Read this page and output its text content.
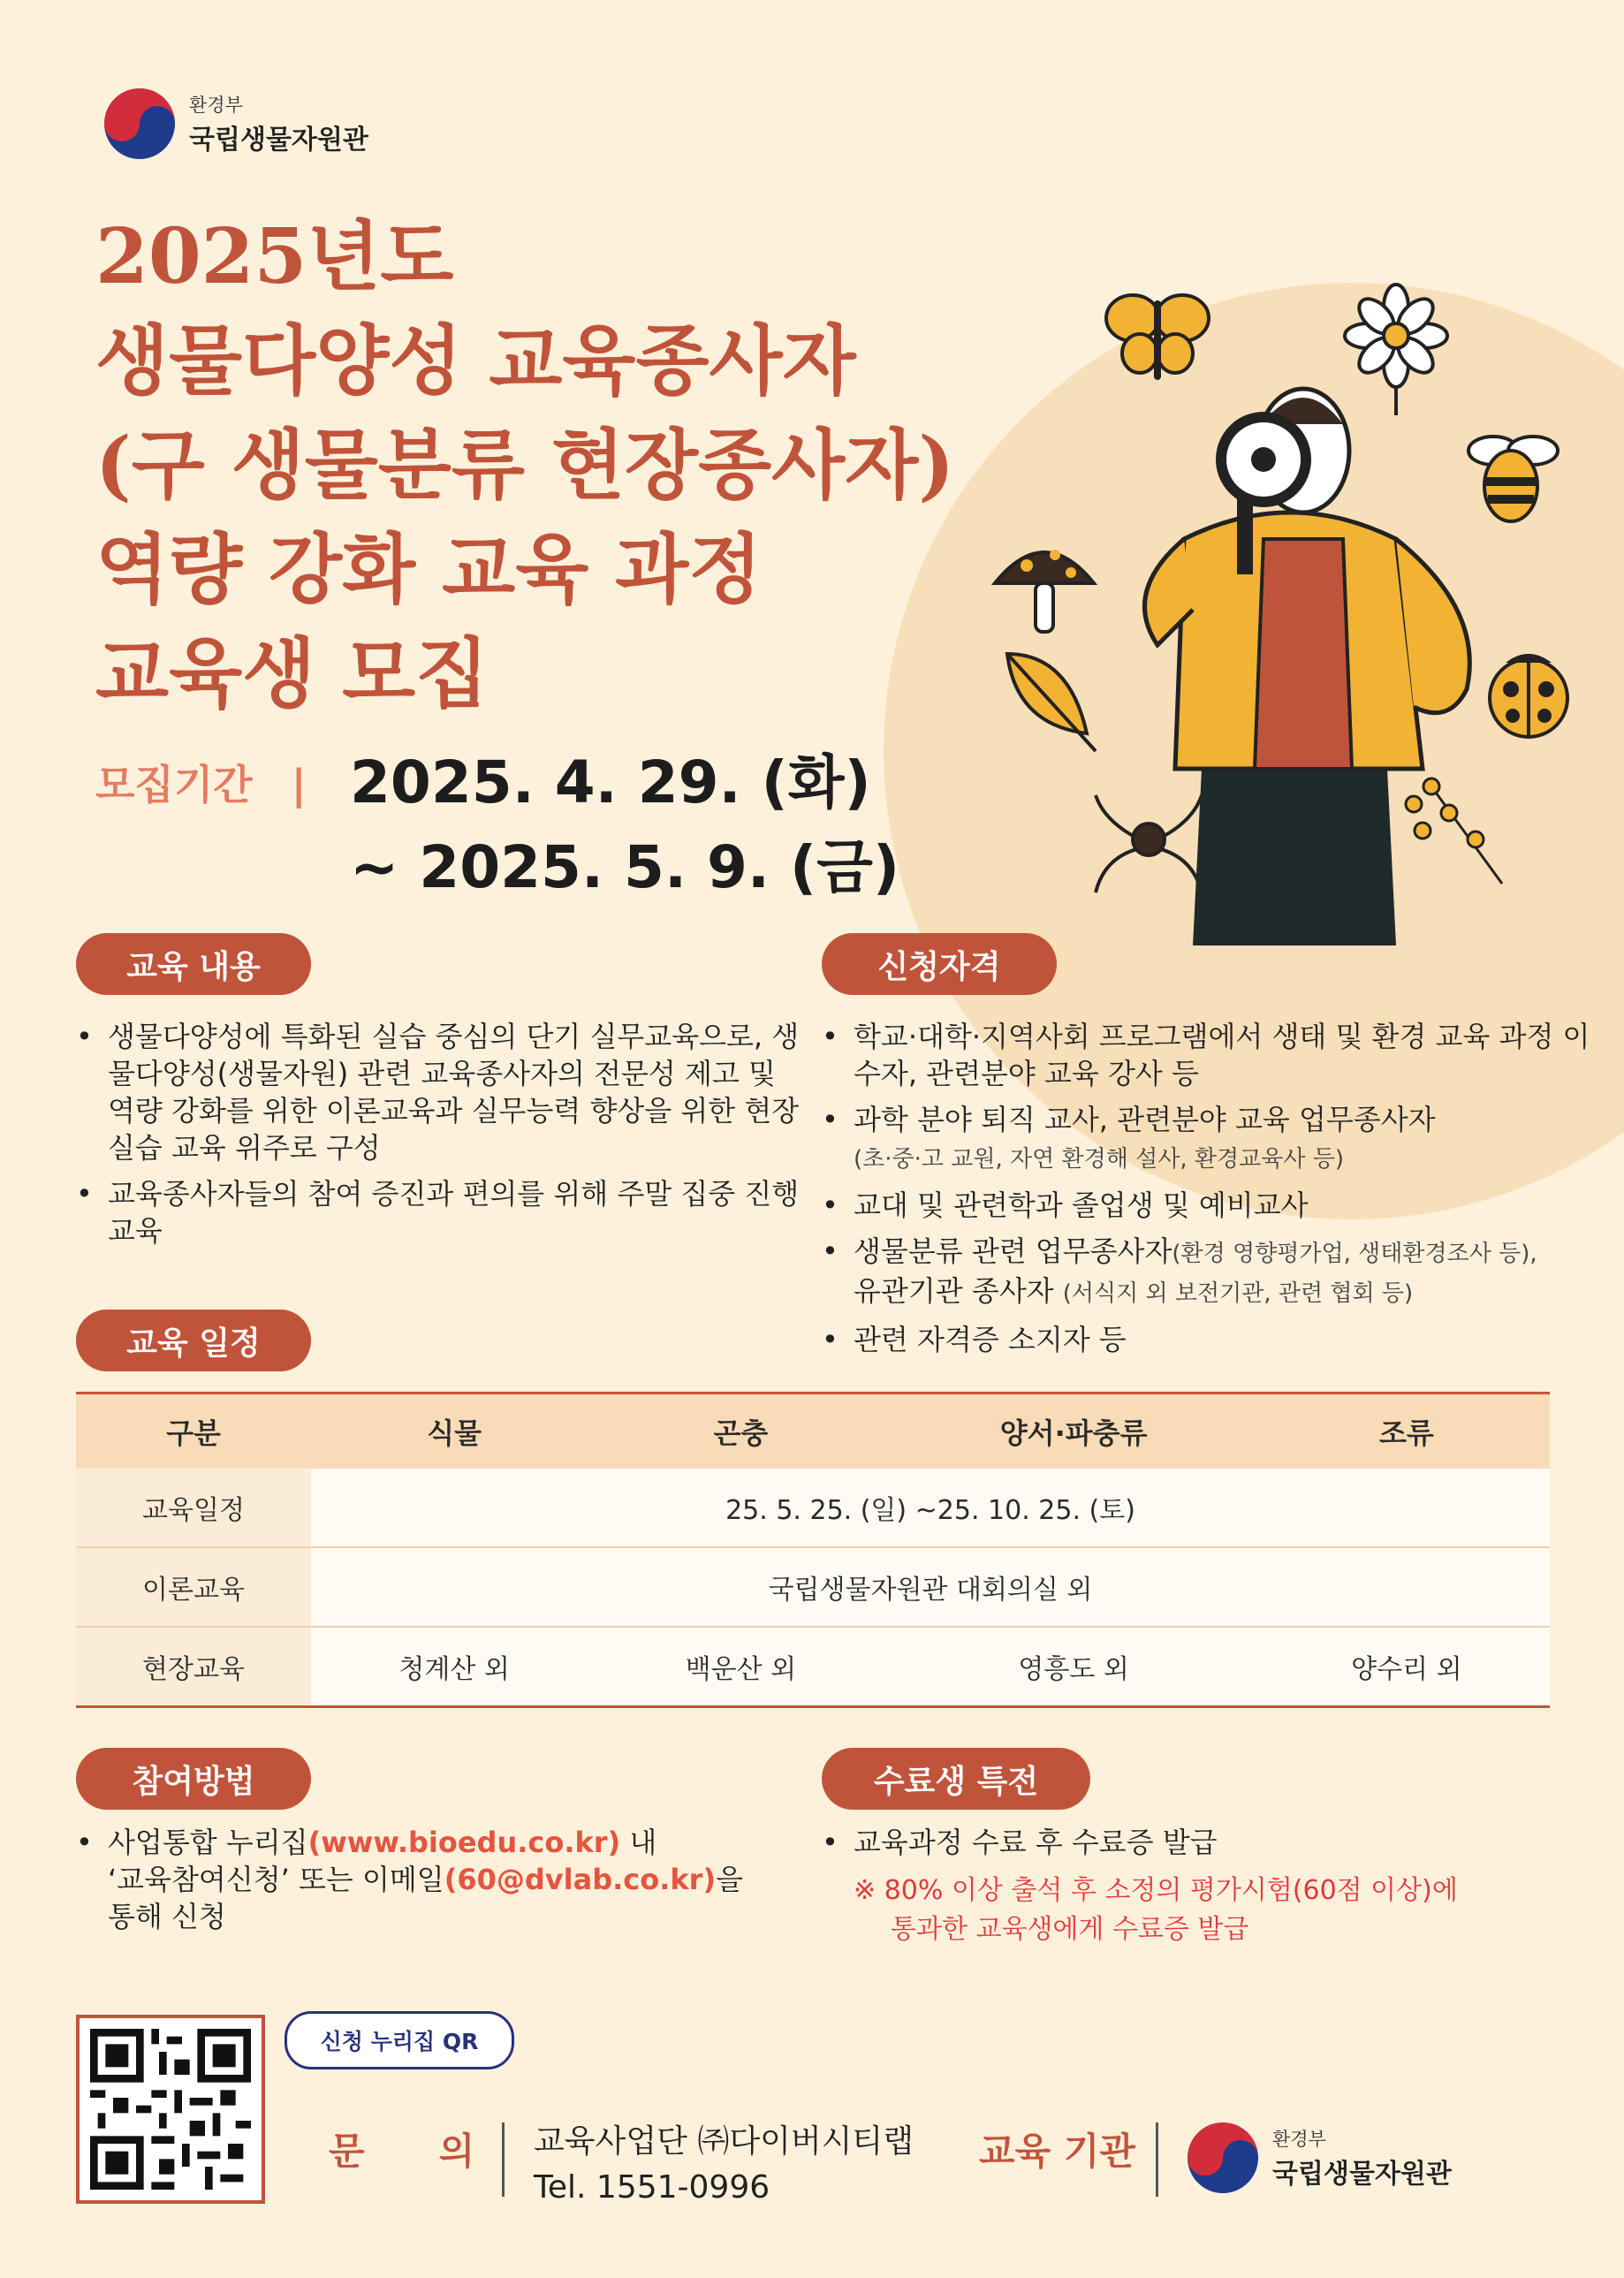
환경부
국립생물자원관
2025년도
생물다양성 교육종사자
(구 생물분류 현장종사자)
역량 강화 교육 과정
교육생 모집
모집기간 | 2025. 4. 29. (화)
~ 2025. 5. 9. (금)
교육 내용
• 생물다양성에 특화된 실습 중심의 단기 실무교육으로, 생물다양성(생물자원) 관련 교육종사자의 전문성 제고 및 역량 강화를 위한 이론교육과 실무능력 향상을 위한 현장실습 교육 위주로 구성
• 교육종사자들의 참여 증진과 편의를 위해 주말 집중 진행 교육
신청자격
• 학교·대학·지역사회 프로그램에서 생태 및 환경 교육 과정 이수자, 관련분야 교육 강사 등
• 과학 분야 퇴직 교사, 관련분야 교육 업무종사자
(초·중·고 교원, 자연 환경해 설사, 환경교육사 등)
• 교대 및 관련학과 졸업생 및 예비교사
• 생물분류 관련 업무종사자(환경 영향평가업, 생태환경조사 등),
유관기관 종사자 (서식지 외 보전기관, 관련 협회 등)
• 관련 자격증 소지자 등
교육 일정
구분	식물	곤충	양서·파충류	조류
교육일정	25. 5. 25. (일) ~25. 10. 25. (토)			
이론교육	국립생물자원관 대회의실 외			
현장교육	청계산 외	백운산 외	영흥도 외	양수리 외
참여방법
• 사업통합 누리집(www.bioedu.co.kr) 내
‘교육참여신청’ 또는 이메일(60@dvlab.co.kr)을
통해 신청
수료생 특전
• 교육과정 수료 후 수료증 발급
※ 80% 이상 출석 후 소정의 평가시험(60점 이상)에
통과한 교육생에게 수료증 발급
신청 누리집 QR
문　　의 교육사업단 ㈜다이버시티랩
Tel. 1551-0996
교육 기관	환경부
국립생물자원관
